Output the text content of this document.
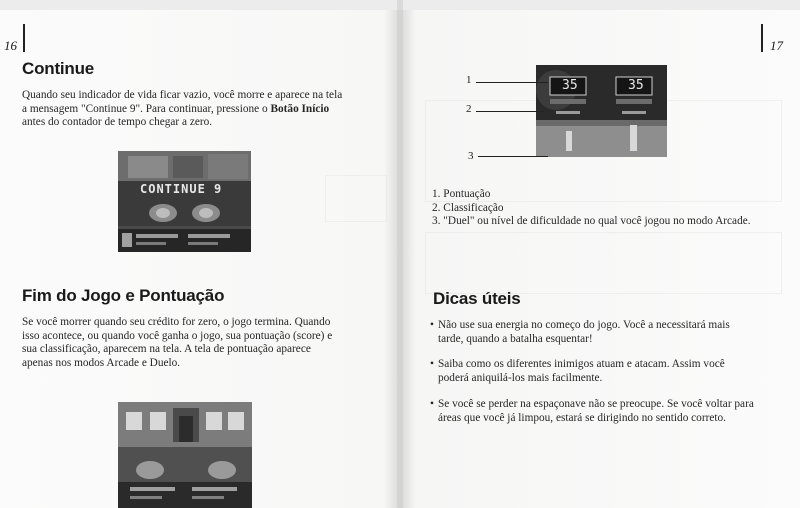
16	17
Continue

Quando seu indicador de vida ficar vazio, você morre e aparece na tela
a mensagem "Continue 9". Para continuar, pressione o Botão Início
antes do contador de tempo chegar a zero.

CONTINUE 9
Fim do Jogo e Pontuação

Se você morrer quando seu crédito for zero, o jogo termina. Quando
isso acontece, ou quando você ganha o jogo, sua pontuação (score) e
sua classificação, aparecem na tela. A tela de pontuação aparece
apenas nos modos Arcade e Duelo.

35	35
1
2
3
1. Pontuação
2. Classificação
3. "Duel" ou nível de dificuldade no qual você jogou no modo Arcade.
Dicas úteis

• Não use sua energia no começo do jogo. Você a necessitará mais
tarde, quando a batalha esquentar!

• Saiba como os diferentes inimigos atuam e atacam. Assim você
poderá aniquilá-los mais facilmente.

• Se você se perder na espaçonave não se preocupe. Se você voltar para
áreas que você já limpou, estará se dirigindo no sentido correto.
